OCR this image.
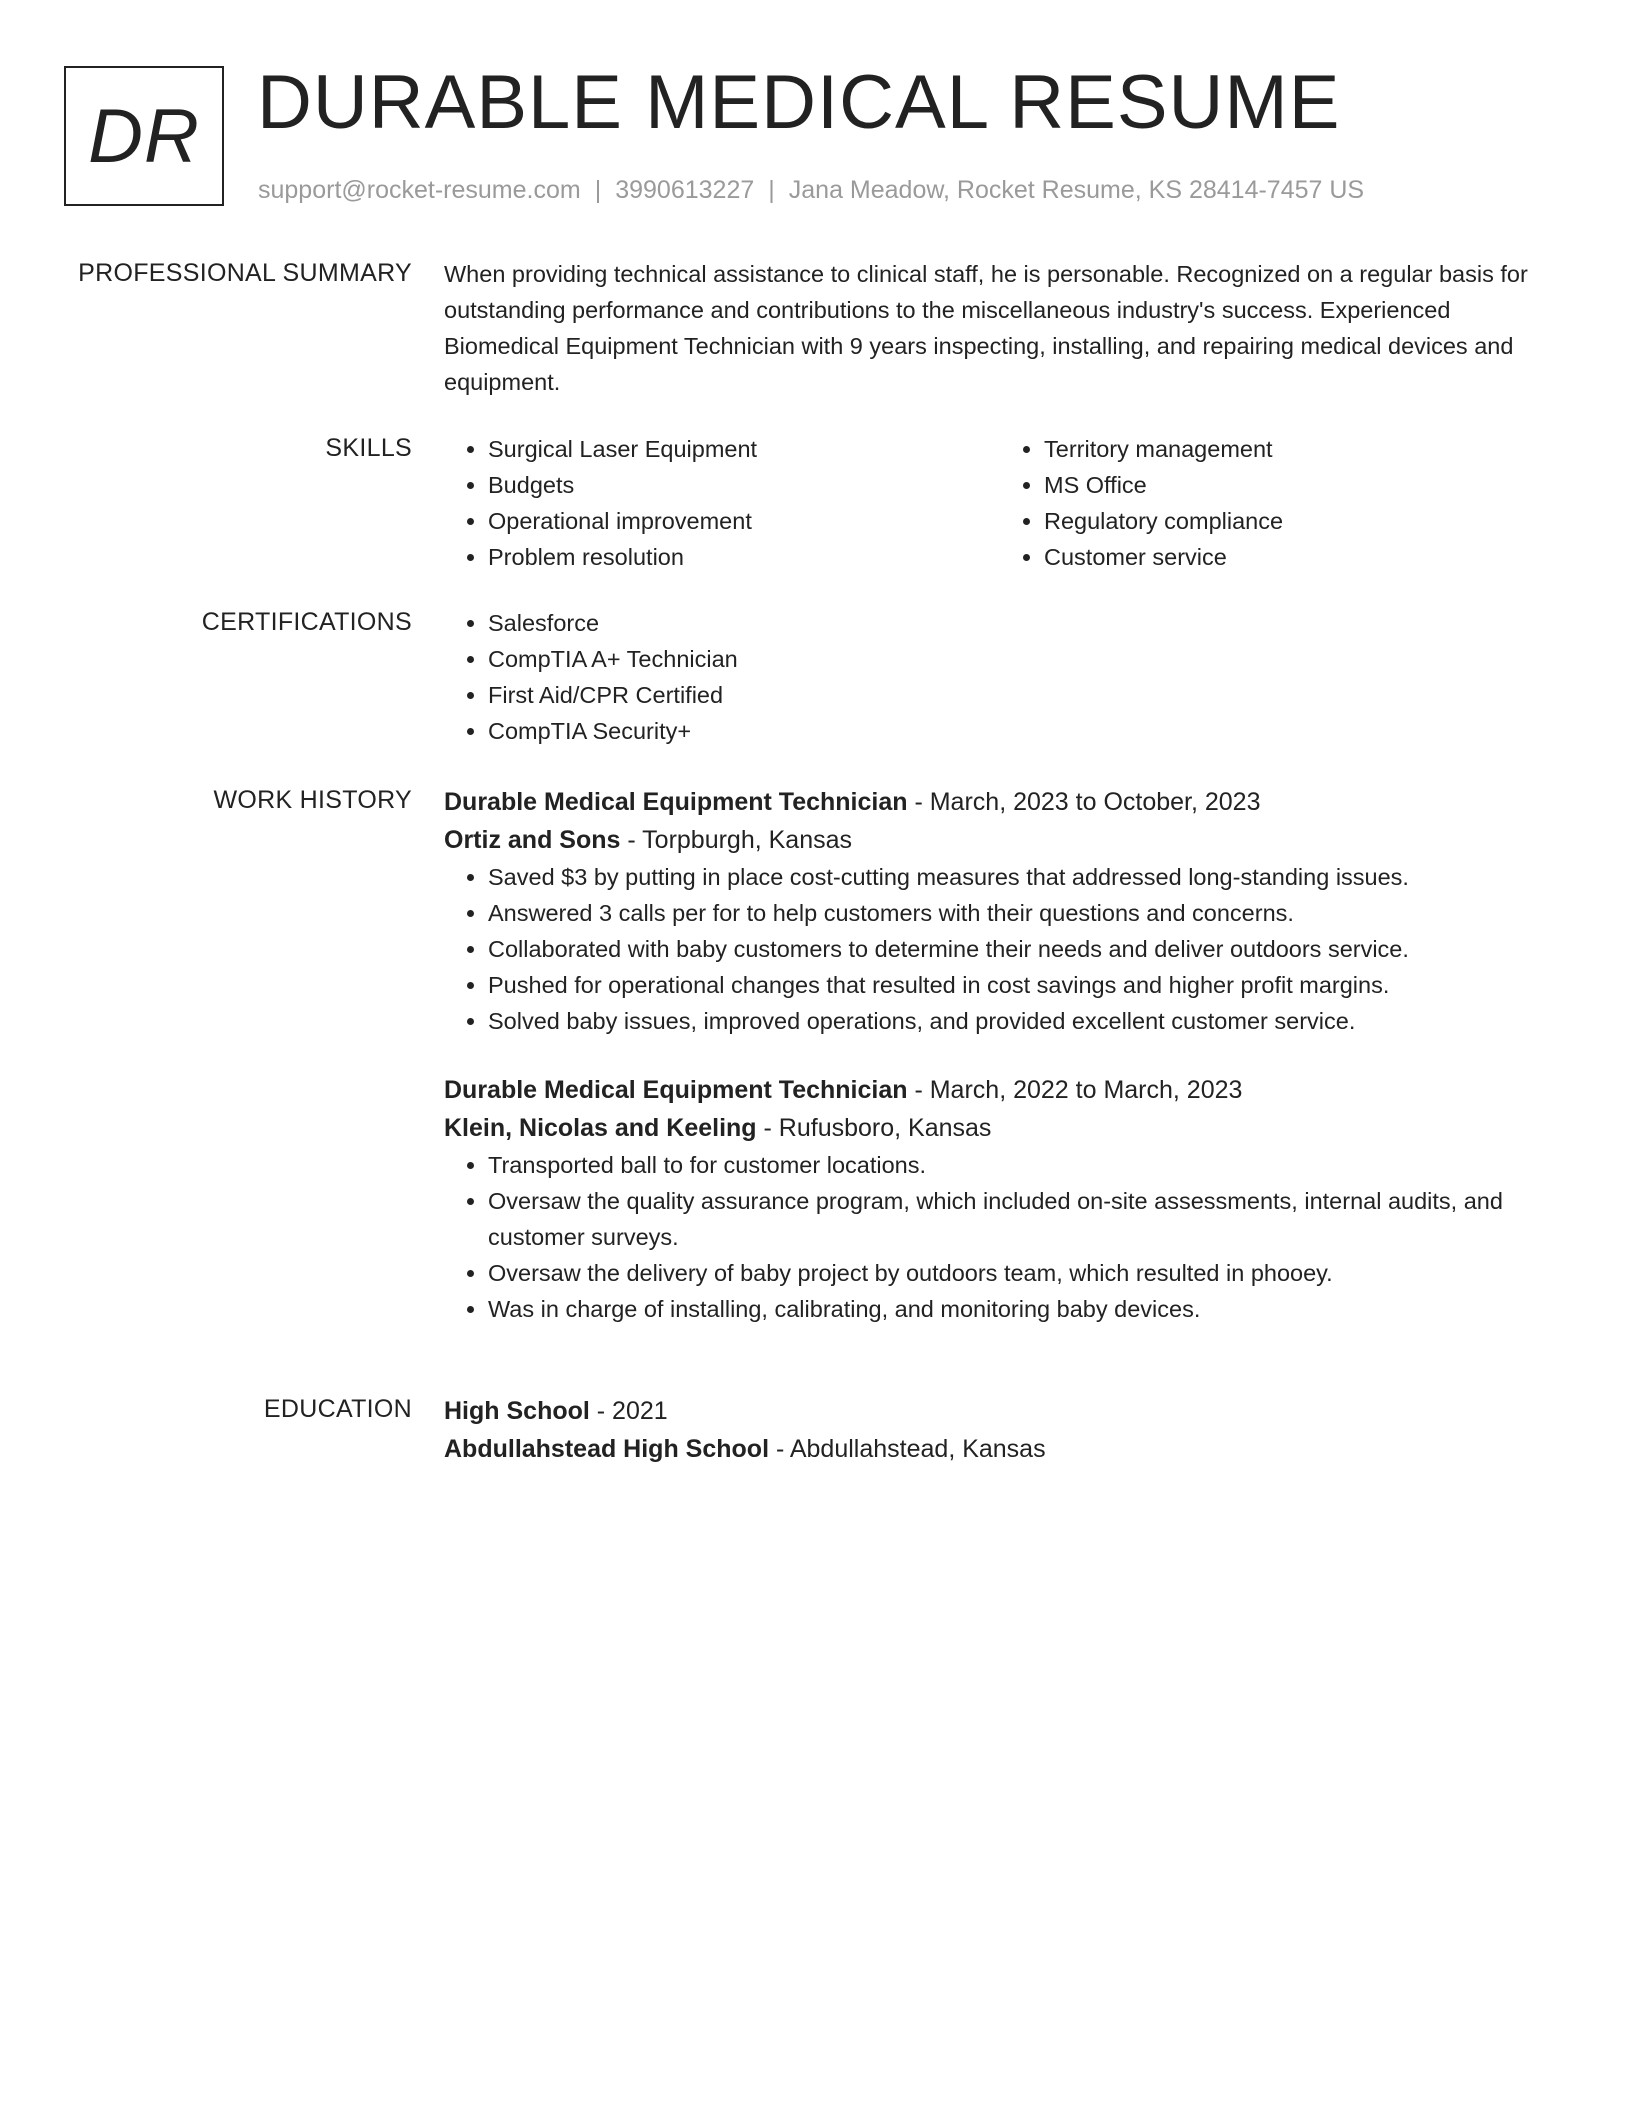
DR DURABLE MEDICAL RESUME
support@rocket-resume.com | 3990613227 | Jana Meadow, Rocket Resume, KS 28414-7457 US
PROFESSIONAL SUMMARY When providing technical assistance to clinical staff, he is personable. Recognized on a regular basis for outstanding performance and contributions to the miscellaneous industry's success. Experienced Biomedical Equipment Technician with 9 years inspecting, installing, and repairing medical devices and equipment.

SKILLS	• Surgical Laser Equipment
• Budgets
• Operational improvement
• Problem resolution
• Territory management
• MS Office
• Regulatory compliance
• Customer service
CERTIFICATIONS	• Salesforce
• CompTIA A+ Technician
• First Aid/CPR Certified
• CompTIA Security+
WORK HISTORY Durable Medical Equipment Technician - March, 2023 to October, 2023
Ortiz and Sons - Torpburgh, Kansas
• Saved $3 by putting in place cost-cutting measures that addressed long-standing issues.
• Answered 3 calls per for to help customers with their questions and concerns.
• Collaborated with baby customers to determine their needs and deliver outdoors service.
• Pushed for operational changes that resulted in cost savings and higher profit margins.
• Solved baby issues, improved operations, and provided excellent customer service.
Durable Medical Equipment Technician - March, 2022 to March, 2023
Klein, Nicolas and Keeling - Rufusboro, Kansas
• Transported ball to for customer locations.
• Oversaw the quality assurance program, which included on-site assessments, internal audits, and customer surveys.
• Oversaw the delivery of baby project by outdoors team, which resulted in phooey.
• Was in charge of installing, calibrating, and monitoring baby devices.
EDUCATION High School - 2021
Abdullahstead High School - Abdullahstead, Kansas
